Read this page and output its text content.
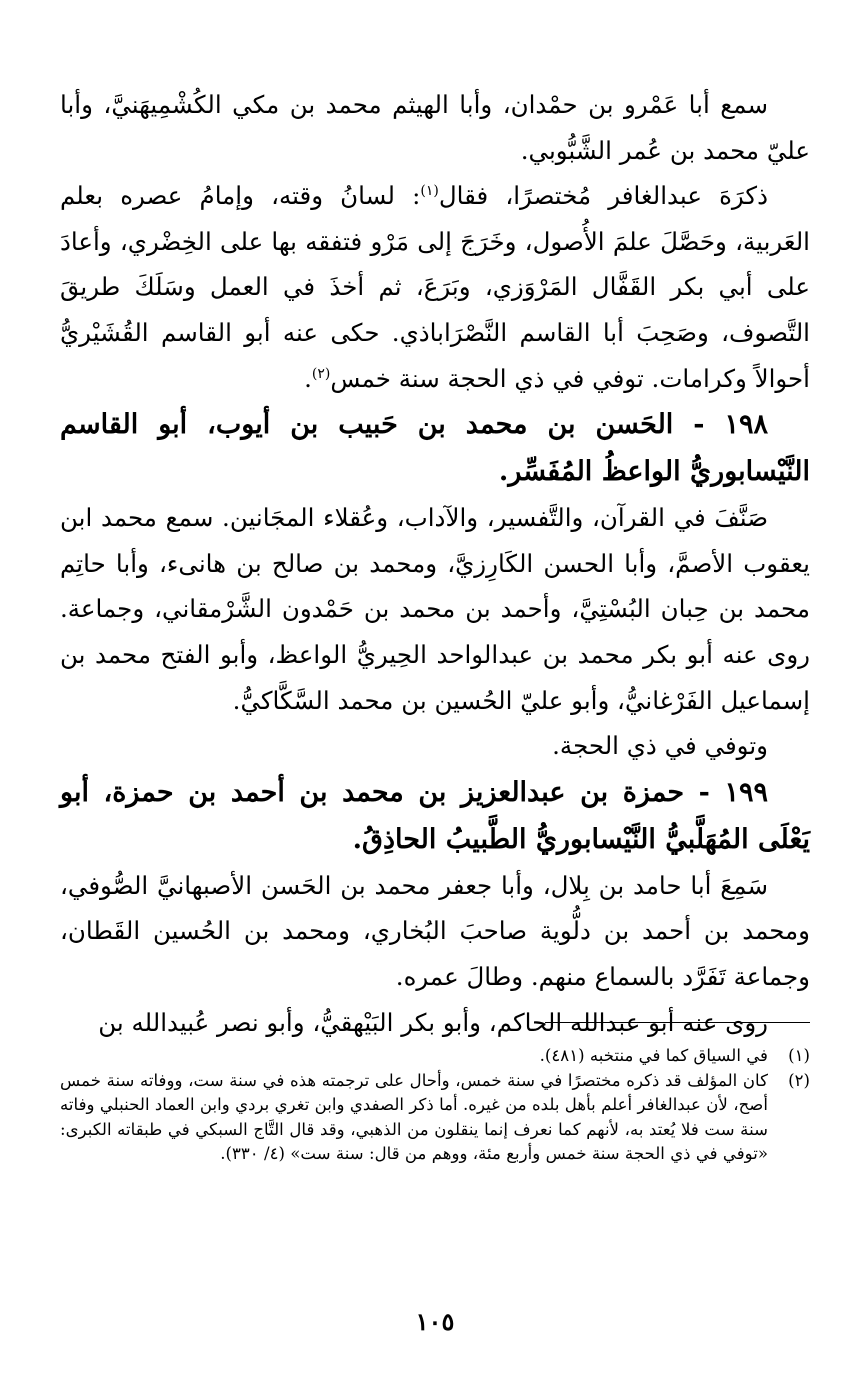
سمع أبا عَمْرو بن حمْدان، وأبا الهيثم محمد بن مكي الكُشْمِيهَنيَّ، وأبا عليّ محمد بن عُمر الشَّبُّوبي.

ذكرَهَ عبدالغافر مُختصرًا، فقال$^{(١)}$: لسانُ وقته، وإمامُ عصره بعلم العَربية، وحَصَّلَ علمَ الأُصول، وخَرَجَ إلى مَرْو فتفقه بها على الخِضْري، وأعادَ على أبي بكر القَفَّال المَرْوَزي، وبَرَعَ، ثم أخذَ في العمل وسَلَكَ طريقَ التَّصوف، وصَحِبَ أبا القاسم النَّصْرَاباذي. حكى عنه أبو القاسم القُشَيْريُّ أحوالاً وكرامات. توفي في ذي الحجة سنة خمس$^{(٢)}$.

١٩٨ - الحَسن بن محمد بن حَبيب بن أيوب، أبو القاسم النَّيْسابوريُّ الواعظُ المُفَسِّر.

صَنَّفَ في القرآن، والتَّفسير، والآداب، وعُقلاء المجَانين. سمع محمد ابن يعقوب الأصمَّ، وأبا الحسن الكَارِزيَّ، ومحمد بن صالح بن هانىء، وأبا حاتِم محمد بن حِبان البُسْتِيَّ، وأحمد بن محمد بن حَمْدون الشَّرْمقاني، وجماعة. روى عنه أبو بكر محمد بن عبدالواحد الحِيريُّ الواعظ، وأبو الفتح محمد بن إسماعيل الفَرْغانيُّ، وأبو عليّ الحُسين بن محمد السَّكَّاكيُّ.

وتوفي في ذي الحجة.

١٩٩ - حمزة بن عبدالعزيز بن محمد بن أحمد بن حمزة، أبو يَعْلَى المُهَلَّبيُّ النَّيْسابوريُّ الطَّبيبُ الحاذِقُ.

سَمِعَ أبا حامد بن بِلال، وأبا جعفر محمد بن الحَسن الأصبهانيَّ الصُّوفي، ومحمد بن أحمد بن دلُّوية صاحبَ البُخاري، ومحمد بن الحُسين القَطان، وجماعة تَفَرَّد بالسماع منهم. وطالَ عمره.

روى عنه أبو عبدالله الحاكم، وأبو بكر البَيْهقيُّ، وأبو نصر عُبيدالله بن

(١)
في السياق كما في منتخبه (٤٨١).
(٢)
كان المؤلف قد ذكره مختصرًا في سنة خمس، وأحال على ترجمته هذه في سنة ست، ووفاته سنة خمس أصح، لأن عبدالغافر أعلم بأهل بلده من غيره. أما ذكر الصفدي وابن تغري بردي وابن العماد الحنبلي وفاته سنة ست فلا يُعتد به، لأنهم كما نعرف إنما ينقلون من الذهبي، وقد قال التَّاج السبكي في طبقاته الكبرى: «توفي في ذي الحجة سنة خمس وأربع مئة، ووهم من قال: سنة ست» (٤/ ٣٣٠).
١٠٥
